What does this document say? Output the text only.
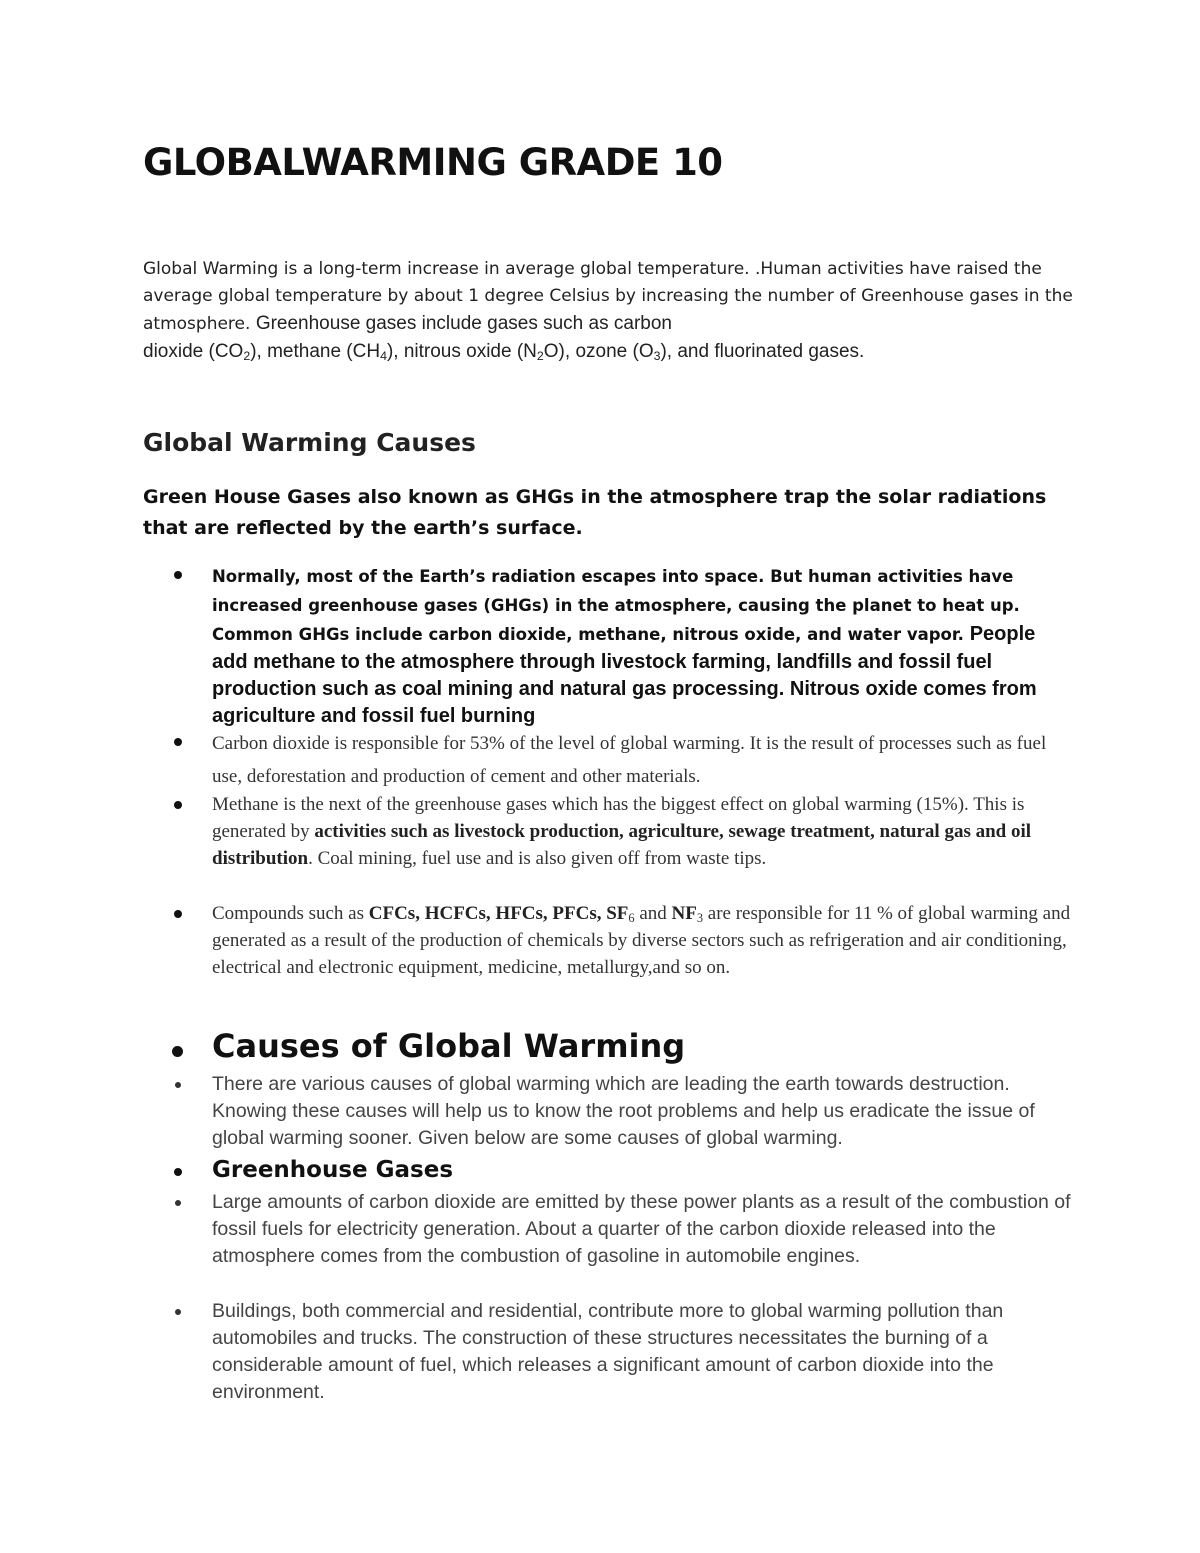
GLOBALWARMING GRADE 10

Global Warming is a long-term increase in average global temperature. .Human activities have raised the average global temperature by about 1 degree Celsius by increasing the number of Greenhouse gases in the atmosphere. Greenhouse gases include gases such as carbon
dioxide $(CO_2)$, methane $(CH_4)$, nitrous oxide $(N_2O)$, ozone $(O_3)$, and fluorinated gases.

Global Warming Causes

Green House Gases also known as GHGs in the atmosphere trap the solar radiations that are reflected by the earth’s surface.

Normally, most of the Earth’s radiation escapes into space. But human activities have increased greenhouse gases (GHGs) in the atmosphere, causing the planet to heat up. Common GHGs include carbon dioxide, methane, nitrous oxide, and water vapor. People
add methane to the atmosphere through livestock farming, landfills and fossil fuel production such as coal mining and natural gas processing. Nitrous oxide comes from agriculture and fossil fuel burning

Carbon dioxide is responsible for 53% of the level of global warming. It is the result of processes such as fuel use, deforestation and production of cement and other materials.

Methane is the next of the greenhouse gases which has the biggest effect on global warming (15%). This is generated by activities such as livestock production, agriculture, sewage treatment, natural gas and oil distribution. Coal mining, fuel use and is also given off from waste tips.

Compounds such as CFCs, HCFCs, HFCs, PFCs, $SF_6$ and $NF_3$ are responsible for 11 % of global warming and generated as a result of the production of chemicals by diverse sectors such as refrigeration and air conditioning, electrical and electronic equipment, medicine, metallurgy,and so on.

Causes of Global Warming

There are various causes of global warming which are leading the earth towards destruction. Knowing these causes will help us to know the root problems and help us eradicate the issue of global warming sooner. Given below are some causes of global warming.

Greenhouse Gases

Large amounts of carbon dioxide are emitted by these power plants as a result of the combustion of fossil fuels for electricity generation. About a quarter of the carbon dioxide released into the atmosphere comes from the combustion of gasoline in automobile engines.

Buildings, both commercial and residential, contribute more to global warming pollution than automobiles and trucks. The construction of these structures necessitates the burning of a considerable amount of fuel, which releases a significant amount of carbon dioxide into the environment.
